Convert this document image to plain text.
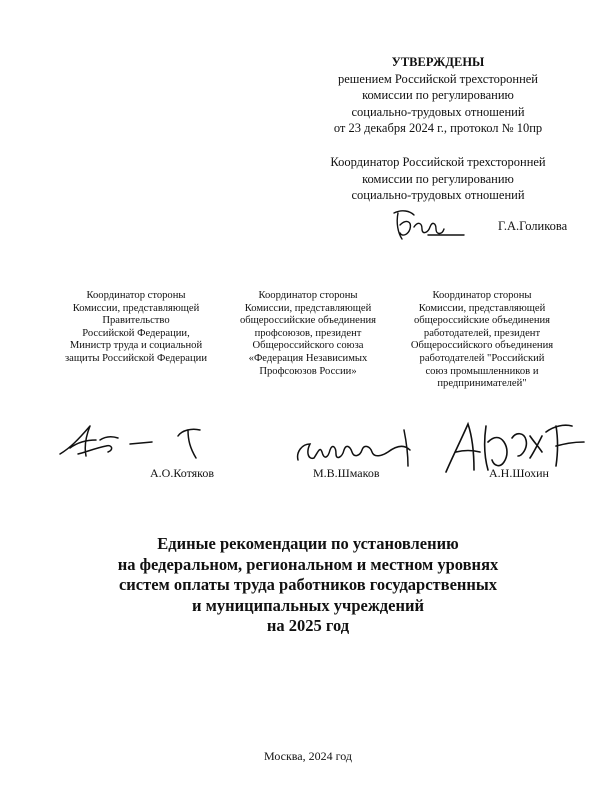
УТВЕРЖДЕНЫ
решением Российской трехсторонней
комиссии по регулированию
социально-трудовых отношений
от 23 декабря 2024 г., протокол № 10пр
Координатор Российской трехсторонней
комиссии по регулированию
социально-трудовых отношений
Г.А.Голикова
Координатор стороны
Комиссии, представляющей
Правительство
Российской Федерации,
Министр труда и социальной
защиты Российской Федерации
Координатор стороны
Комиссии, представляющей
общероссийские объединения
профсоюзов, президент
Общероссийского союза
«Федерация Независимых
Профсоюзов России»
Координатор стороны
Комиссии, представляющей
общероссийские объединения
работодателей, президент
Общероссийского объединения
работодателей "Российский
союз промышленников и
предпринимателей"
А.О.Котяков	М.В.Шмаков	А.Н.Шохин
Единые рекомендации по установлению
на федеральном, региональном и местном уровнях
систем оплаты труда работников государственных
и муниципальных учреждений
на 2025 год
Москва, 2024 год
